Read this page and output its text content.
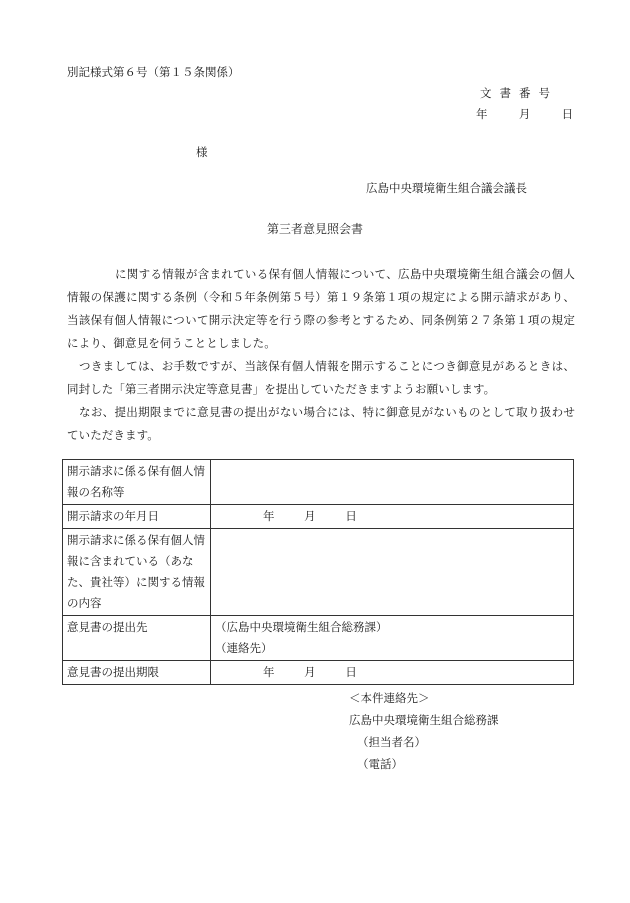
別記様式第６号（第１５条関係）
文書番号
年	月	日
様
広島中央環境衛生組合議会議長
第三者意見照会書

に関する情報が含まれている保有個人情報について、広島中央環境衛生組合議会の個人情報の保護に関する条例（令和５年条例第５号）第１９条第１項の規定による開示請求があり、当該保有個人情報について開示決定等を行う際の参考とするため、同条例第２７条第１項の規定により、御意見を伺うこととしました。

つきましては、お手数ですが、当該保有個人情報を開示することにつき御意見があるときは、同封した「第三者開示決定等意見書」を提出していただきますようお願いします。

なお、提出期限までに意見書の提出がない場合には、特に御意見がないものとして取り扱わせていただきます。

開示請求に係る保有個人情報の名称等	
開示請求の年月日	年 月 日
開示請求に係る保有個人情報に含まれている（あなた、貴社等）に関する情報の内容	
意見書の提出先	（広島中央環境衛生組合総務課）
（連絡先）

意見書の提出期限	年 月 日
＜本件連絡先＞
広島中央環境衛生組合総務課
（担当者名）
（電話）
